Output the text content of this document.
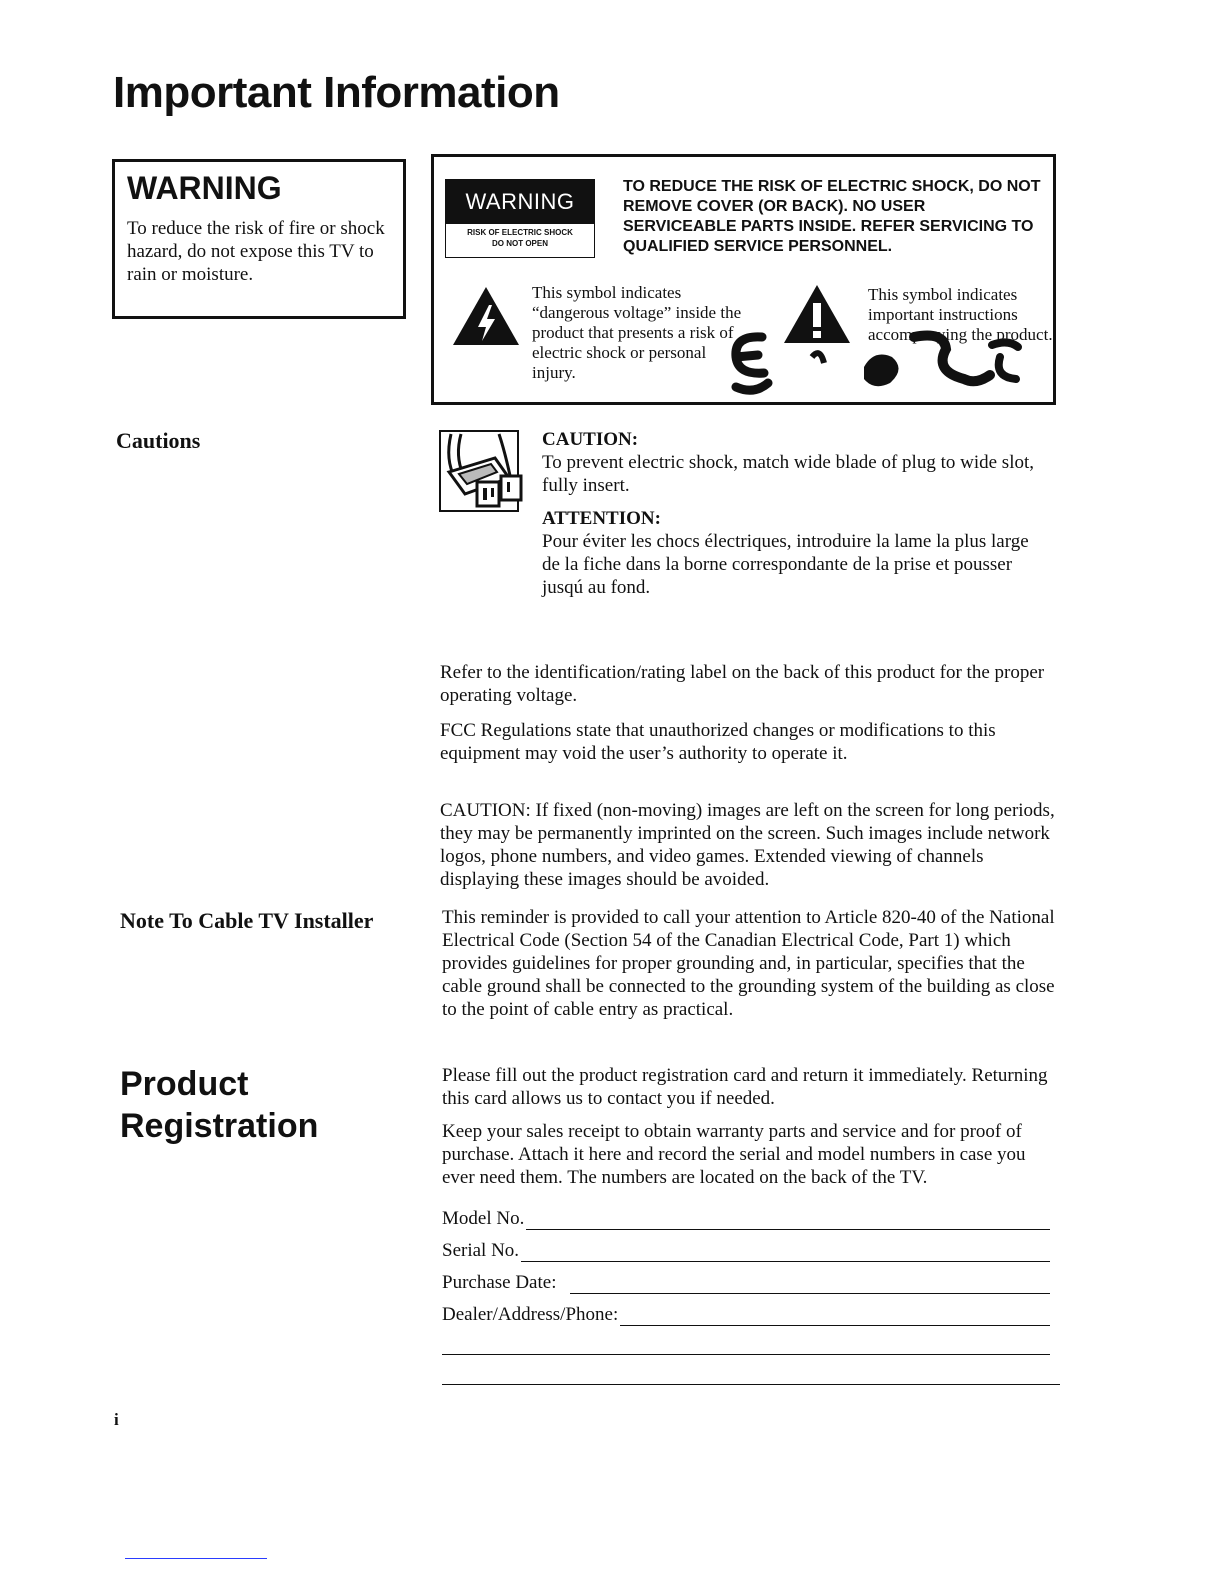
Important Information
WARNING
To reduce the risk of fire or shock hazard, do not expose this TV to rain or moisture.
WARNING
RISK OF ELECTRIC SHOCK
DO NOT OPEN
TO REDUCE THE RISK OF ELECTRIC SHOCK, DO NOT REMOVE COVER (OR BACK). NO USER SERVICEABLE PARTS INSIDE. REFER SERVICING TO QUALIFIED SERVICE PERSONNEL.
This symbol indicates “dangerous voltage” inside the product that presents a risk of electric shock or personal injury.
This symbol indicates important instructions accompanying the product.
Cautions	CAUTION:
To prevent electric shock, match wide blade of plug to wide slot, fully insert.
ATTENTION:
Pour éviter les chocs électriques, introduire la lame la plus large de la fiche dans la borne correspondante de la prise et pousser jusqú au fond.
Refer to the identification/rating label on the back of this product for the proper operating voltage.
FCC Regulations state that unauthorized changes or modifications to this equipment may void the user’s authority to operate it.
CAUTION: If fixed (non-moving) images are left on the screen for long periods, they may be permanently imprinted on the screen. Such images include network logos, phone numbers, and video games. Extended viewing of channels displaying these images should be avoided.
Note To Cable TV Installer	This reminder is provided to call your attention to Article 820-40 of the National Electrical Code (Section 54 of the Canadian Electrical Code, Part 1) which provides guidelines for proper grounding and, in particular, specifies that the cable ground shall be connected to the grounding system of the building as close to the point of cable entry as practical.
Product
Registration
Please fill out the product registration card and return it immediately. Returning this card allows us to contact you if needed.
Keep your sales receipt to obtain warranty parts and service and for proof of purchase. Attach it here and record the serial and model numbers in case you ever need them. The numbers are located on the back of the TV.
Model No.
Serial No.
Purchase Date:
Dealer/Address/Phone:
i
